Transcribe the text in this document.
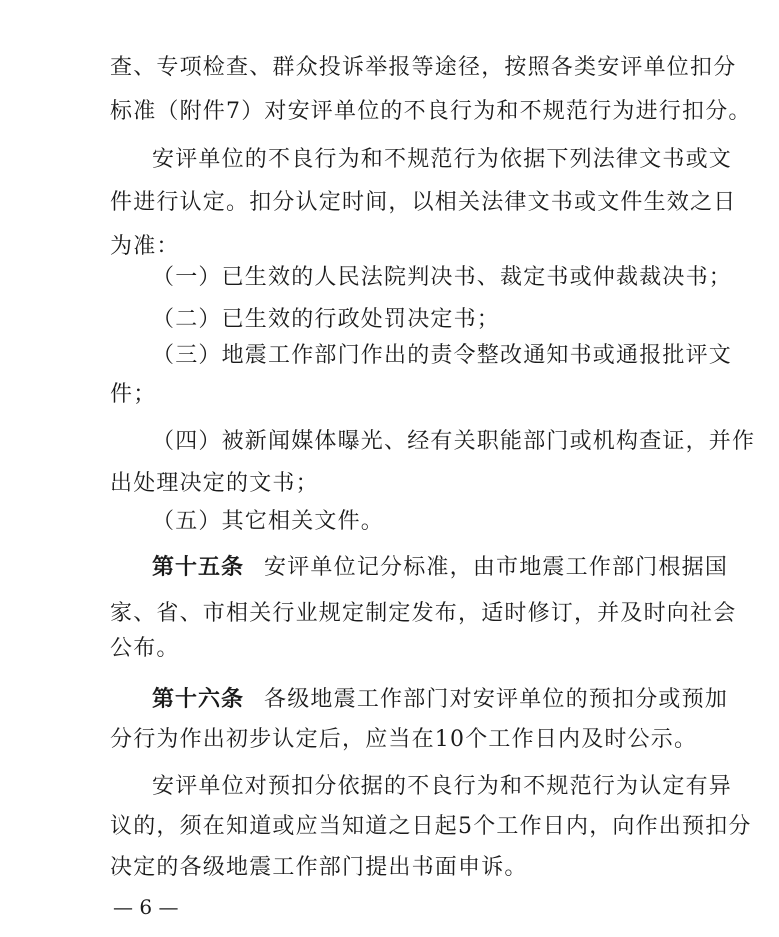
查、专项检查、群众投诉举报等途径，按照各类安评单位扣分
标准（附件7）对安评单位的不良行为和不规范行为进行扣分。
安评单位的不良行为和不规范行为依据下列法律文书或文
件进行认定。扣分认定时间，以相关法律文书或文件生效之日
为准：
（一）已生效的人民法院判决书、裁定书或仲裁裁决书；
（二）已生效的行政处罚决定书；
（三）地震工作部门作出的责令整改通知书或通报批评文
件；
（四）被新闻媒体曝光、经有关职能部门或机构查证，并作
出处理决定的文书；
（五）其它相关文件。
第十五条 安评单位记分标准，由市地震工作部门根据国
家、省、市相关行业规定制定发布，适时修订，并及时向社会
公布。
第十六条 各级地震工作部门对安评单位的预扣分或预加
分行为作出初步认定后，应当在10个工作日内及时公示。
安评单位对预扣分依据的不良行为和不规范行为认定有异
议的，须在知道或应当知道之日起5个工作日内，向作出预扣分
决定的各级地震工作部门提出书面申诉。
— 6 —
